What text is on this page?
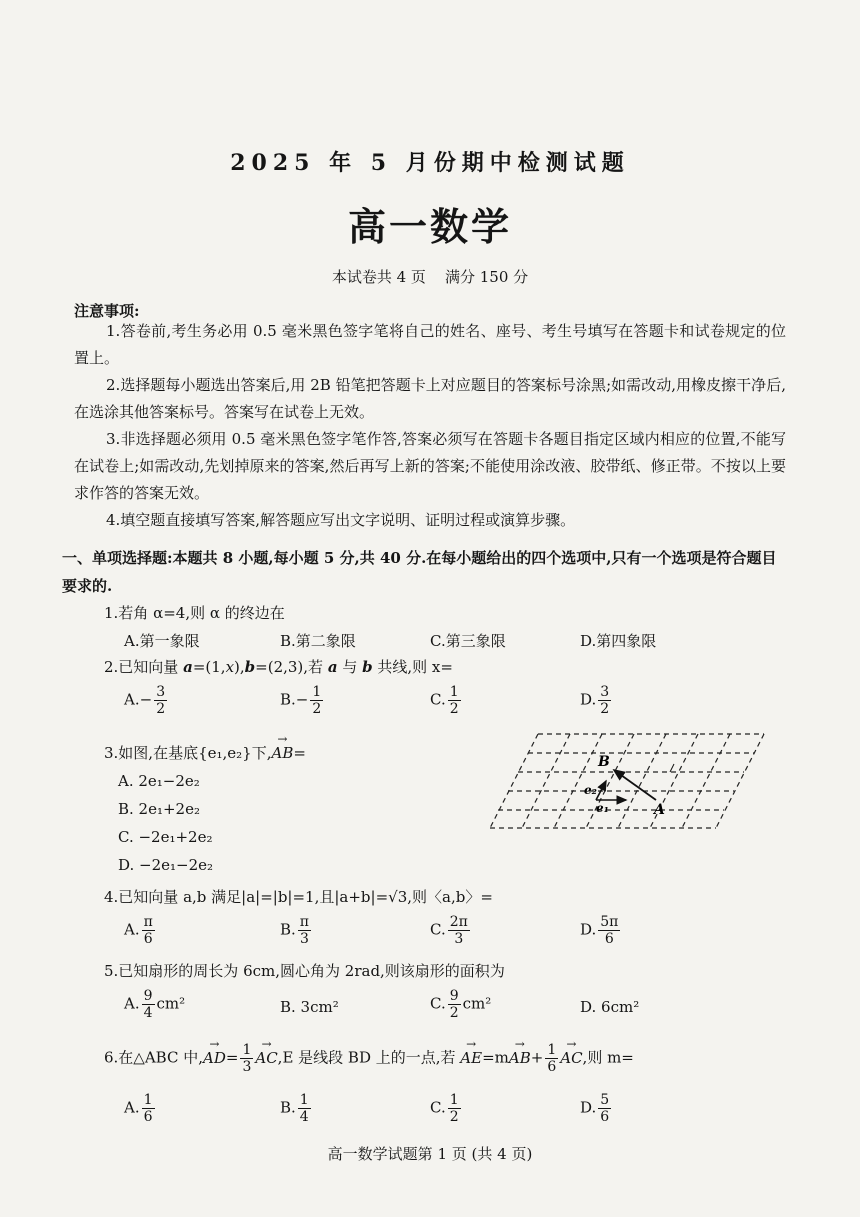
2025 年 5 月份期中检测试题
高一数学
本试卷共 4 页    满分 150 分
注意事项:
1.答卷前,考生务必用 0.5 毫米黑色签字笔将自己的姓名、座号、考生号填写在答题卡和试卷规定的位置上。
2.选择题每小题选出答案后,用 2B 铅笔把答题卡上对应题目的答案标号涂黑;如需改动,用橡皮擦干净后,在选涂其他答案标号。答案写在试卷上无效。
3.非选择题必须用 0.5 毫米黑色签字笔作答,答案必须写在答题卡各题目指定区域内相应的位置,不能写在试卷上;如需改动,先划掉原来的答案,然后再写上新的答案;不能使用涂改液、胶带纸、修正带。不按以上要求作答的答案无效。
4.填空题直接填写答案,解答题应写出文字说明、证明过程或演算步骤。
一、单项选择题:本题共 8 小题,每小题 5 分,共 40 分.在每小题给出的四个选项中,只有一个选项是符合题目要求的.
1.若角 α=4,则 α 的终边在
A.第一象限	B.第二象限	C.第三象限	D.第四象限
2.已知向量 a=(1,x),b=(2,3),若 a 与 b 共线,则 x=
$A.- \frac{3}{2}$	$B.- \frac{1}{2}$	C. $\frac{1}{2}$	D. $\frac{3}{2}$
3.如图,在基底{e₁,e₂}下,→ AB=
A. 2e₁−2e₂
B. 2e₁+2e₂
C. −2e₁+2e₂
D. −2e₁−2e₂
B
A
e₂
e₁
4.已知向量 a,b 满足|a|=|b|=1,且|a+b|=√3,则〈a,b〉=
A. $\frac{\pi}{6}$	B. $\frac{\pi}{3}$	C. $\frac{2\pi}{3}$	D. $\frac{5\pi}{6}$
5.已知扇形的周长为 6cm,圆心角为 2rad,则该扇形的面积为
A. $\frac{9}{4} cm^2$	B. 3cm²	C. $\frac{9}{2} cm^2$	D. 6cm²
6.在△ABC 中,→ $AD= \frac{1}{3}$
→ AC,E 是线段 BD 上的一点,若 → $AE=m\to AB+ \frac{1}{6}$
→ AC,则 m=
A. $\frac{1}{6}$	B. $\frac{1}{4}$	C. $\frac{1}{2}$	D. $\frac{5}{6}$
高一数学试题第 1 页 (共 4 页)
